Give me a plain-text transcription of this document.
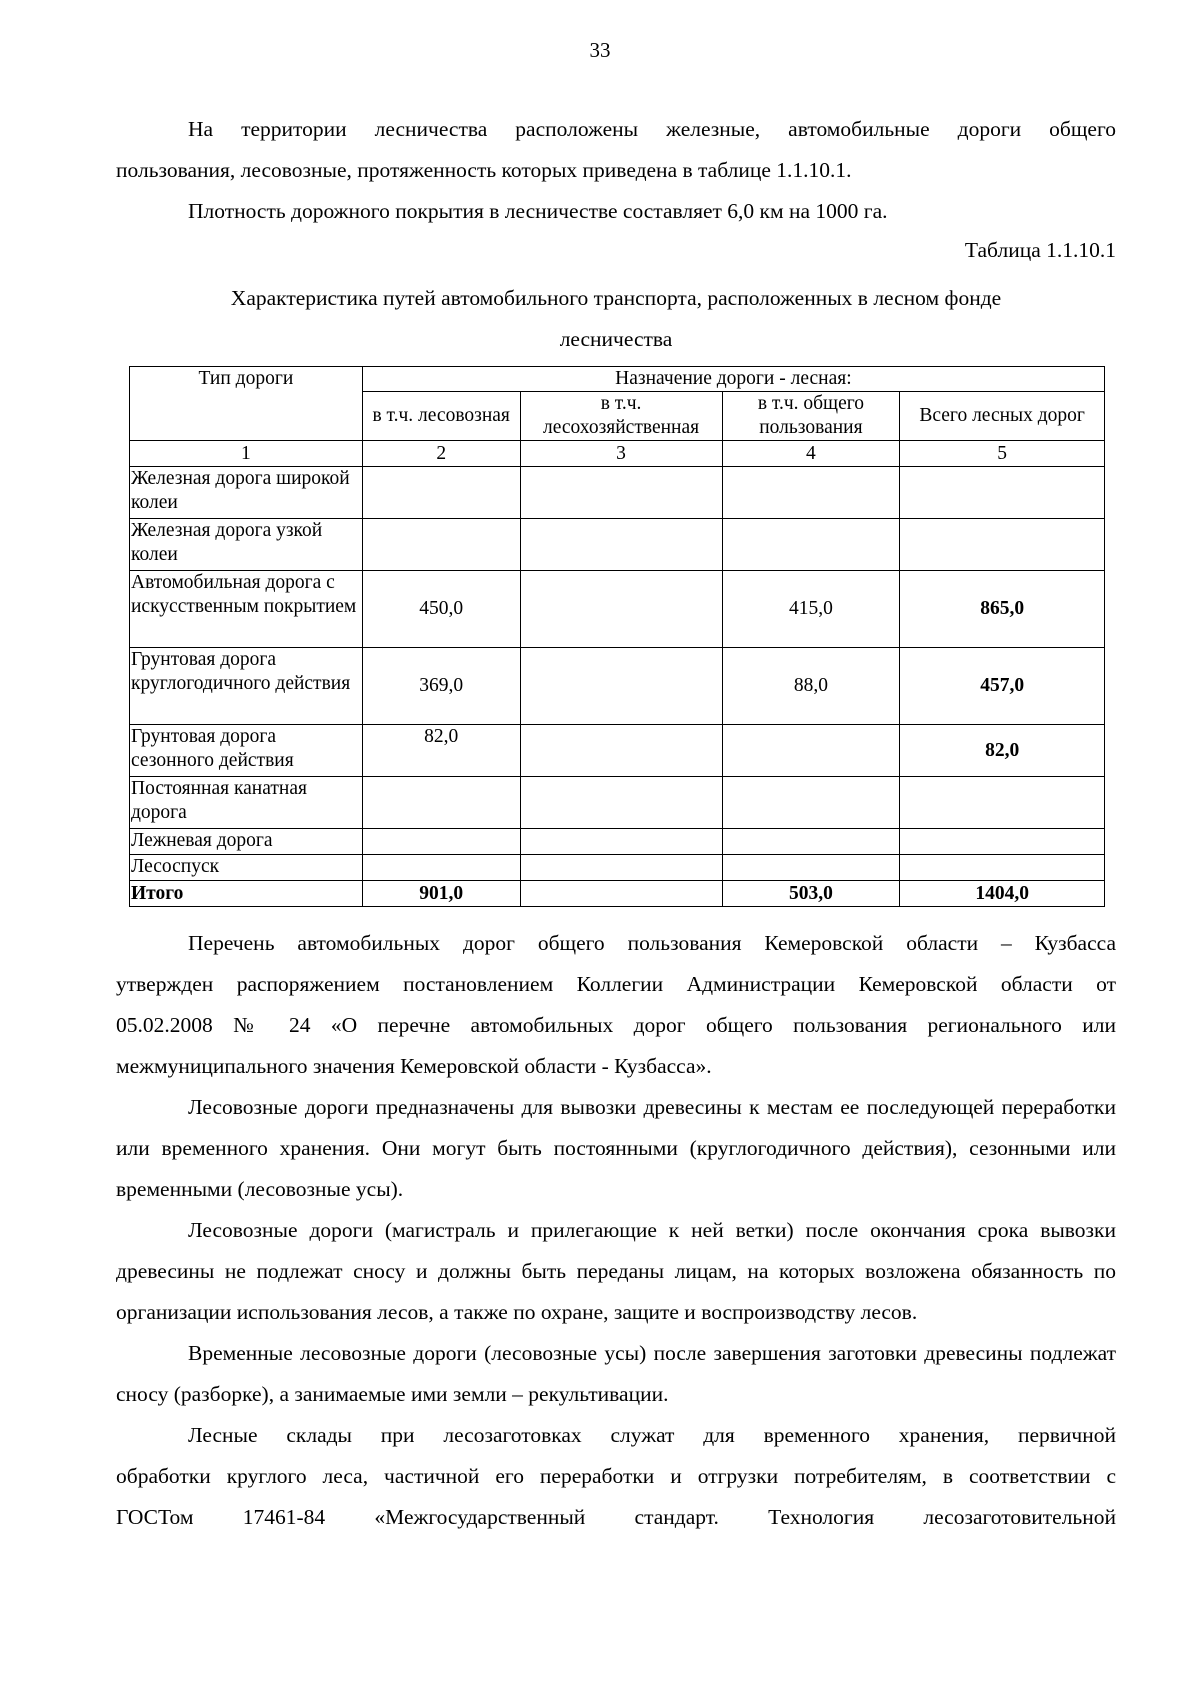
33

На территории лесничества расположены железные, автомобильные дороги общего

пользования, лесовозные, протяженность которых приведена в таблице 1.1.10.1.

Плотность дорожного покрытия в лесничестве составляет 6,0 км на 1000 га.

Таблица 1.1.10.1
Характеристика путей автомобильного транспорта, расположенных в лесном фонде
лесничества
Тип дороги	Назначение дороги - лесная:			
	в т.ч. лесовозная	в т.ч. лесохозяйственная	в т.ч. общего пользования	Всего лесных дорог
1	2	3	4	5
Железная дорога широкой колеи				
Железная дорога узкой колеи				
Автомобильная дорога с искусственным покрытием	450,0		415,0	865,0
Грунтовая дорога круглогодичного действия	369,0		88,0	457,0
Грунтовая дорога сезонного действия	82,0			82,0
Постоянная канатная дорога				
Лежневая дорога				
Лесоспуск				
Итого	901,0		503,0	1404,0

Перечень автомобильных дорог общего пользования Кемеровской области – Кузбасса

утвержден распоряжением постановлением Коллегии Администрации Кемеровской области от

05.02.2008 № 24 «О перечне автомобильных дорог общего пользования регионального или

межмуниципального значения Кемеровской области - Кузбасса».

Лесовозные дороги предназначены для вывозки древесины к местам ее последующей переработки или временного хранения. Они могут быть постоянными (круглогодичного действия), сезонными или временными (лесовозные усы).

Лесовозные дороги (магистраль и прилегающие к ней ветки) после окончания срока вывозки древесины не подлежат сносу и должны быть переданы лицам, на которых возложена обязанность по организации использования лесов, а также по охране, защите и воспроизводству лесов.

Временные лесовозные дороги (лесовозные усы) после завершения заготовки древесины подлежат сносу (разборке), а занимаемые ими земли – рекультивации.

Лесные склады при лесозаготовках служат для временного хранения, первичной

обработки круглого леса, частичной его переработки и отгрузки потребителям, в соответствии с

ГОСТом 17461-84 «Межгосударственный стандарт. Технология лесозаготовительной
